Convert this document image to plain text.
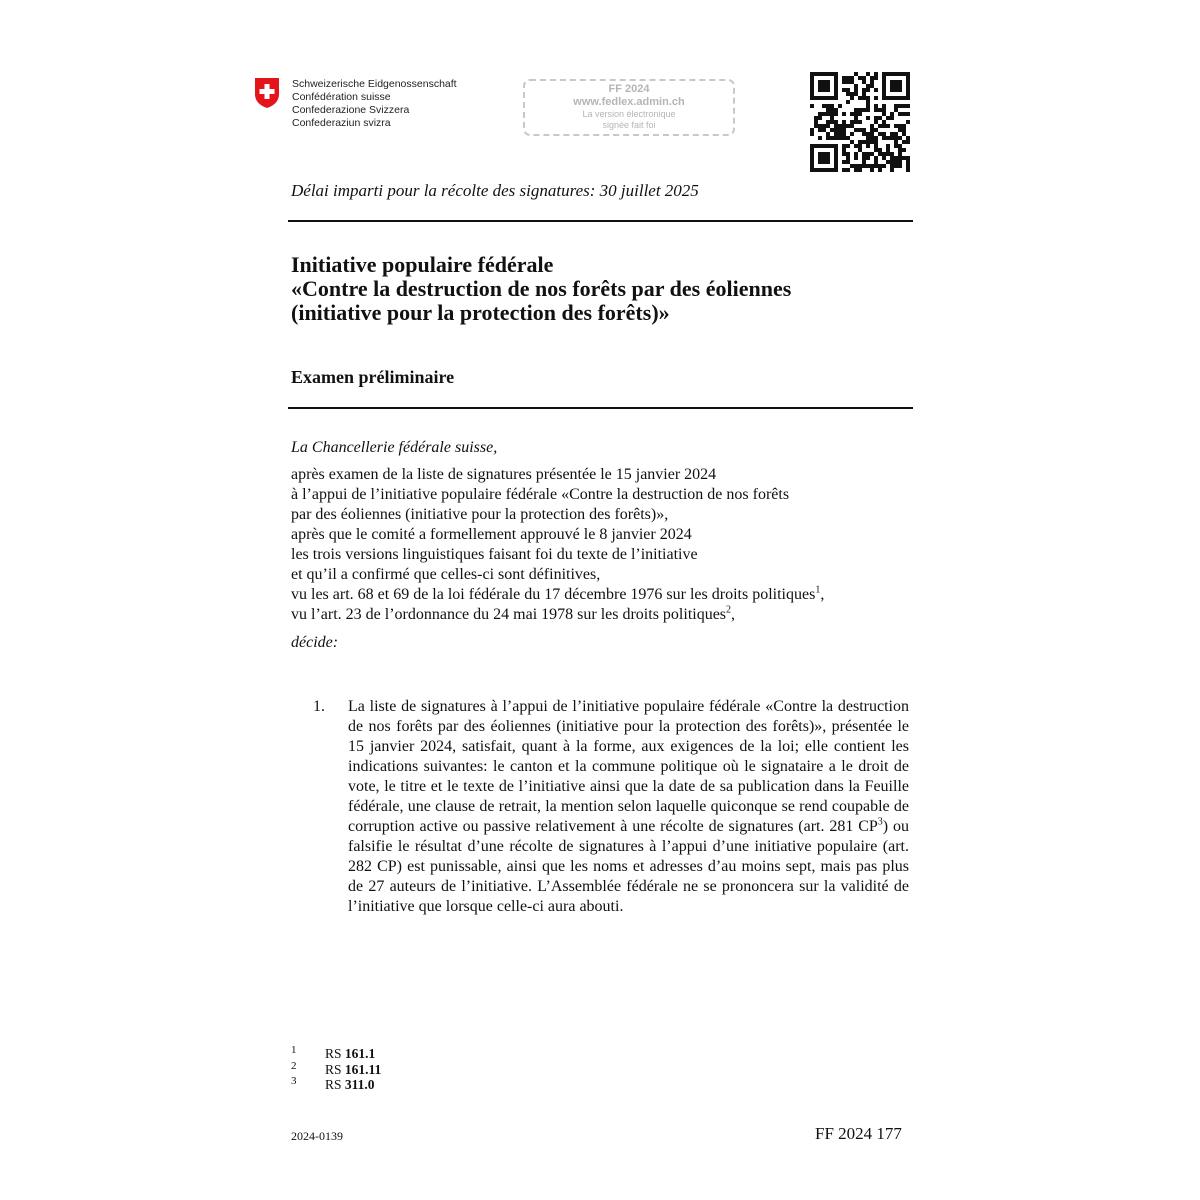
Schweizerische Eidgenossenschaft
Confédération suisse
Confederazione Svizzera
Confederaziun svizra
FF 2024
www.fedlex.admin.ch
La version électronique
signée fait foi
Délai imparti pour la récolte des signatures: 30 juillet 2025
Initiative populaire fédérale
«Contre la destruction de nos forêts par des éoliennes
(initiative pour la protection des forêts)»
Examen préliminaire
La Chancellerie fédérale suisse,
après examen de la liste de signatures présentée le 15 janvier 2024
à l’appui de l’initiative populaire fédérale «Contre la destruction de nos forêts
par des éoliennes (initiative pour la protection des forêts)»,
après que le comité a formellement approuvé le 8 janvier 2024
les trois versions linguistiques faisant foi du texte de l’initiative
et qu’il a confirmé que celles-ci sont définitives,
vu les art. 68 et 69 de la loi fédérale du 17 décembre 1976 sur les droits politiques$^1$,
vu l’art. 23 de l’ordonnance du 24 mai 1978 sur les droits politiques$^2$,
décide:
1. La liste de signatures à l’appui de l’initiative populaire fédérale «Contre la destruction de nos forêts par des éoliennes (initiative pour la protection des forêts)», présentée le 15 janvier 2024, satisfait, quant à la forme, aux exigences de la loi; elle contient les indications suivantes: le canton et la commune politique où le signataire a le droit de vote, le titre et le texte de l’initiative ainsi que la date de sa publication dans la Feuille fédérale, une clause de retrait, la mention selon laquelle quiconque se rend coupable de corruption active ou passive relativement à une récolte de signatures (art. 281 $CP^3$) ou falsifie le résultat d’une récolte de signatures à l’appui d’une initiative populaire (art. 282 CP) est punissable, ainsi que les noms et adresses d’au moins sept, mais pas plus de 27 auteurs de l’initiative. L’Assemblée fédérale ne se prononcera sur la validité de l’initiative que lorsque celle-ci aura abouti.

1 RS 161.1
2 RS 161.11
3 RS 311.0
2024-0139	FF 2024 177
